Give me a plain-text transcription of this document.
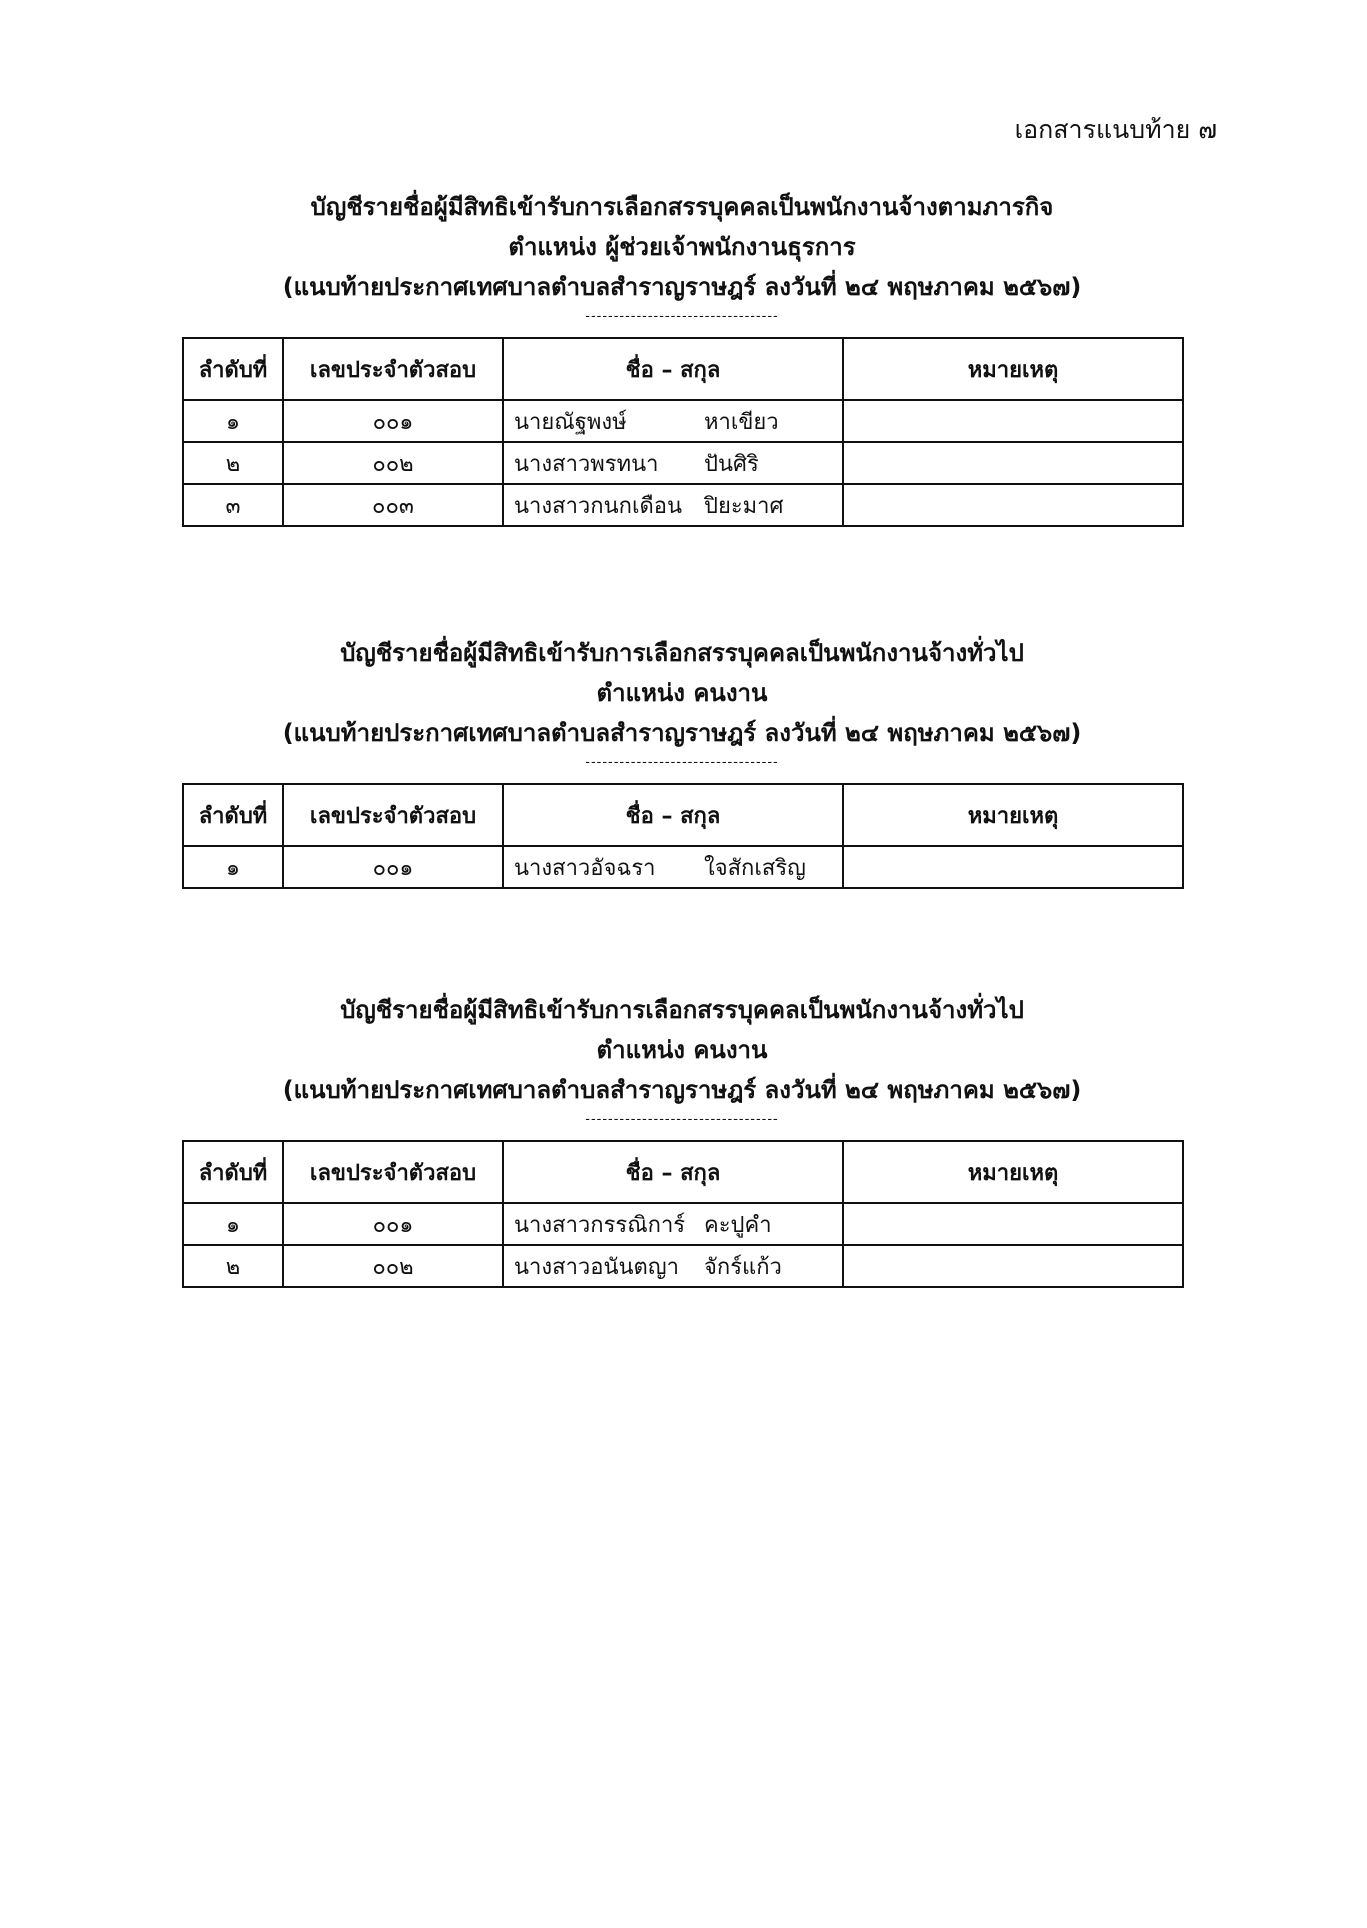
เอกสารแนบท้าย ๗
บัญชีรายชื่อผู้มีสิทธิเข้ารับการเลือกสรรบุคคลเป็นพนักงานจ้างตามภารกิจ
ตำแหน่ง ผู้ช่วยเจ้าพนักงานธุรการ
(แนบท้ายประกาศเทศบาลตำบลสำราญราษฎร์ ลงวันที่ ๒๔ พฤษภาคม ๒๕๖๗)
----------------------------------
ลำดับที่	เลขประจำตัวสอบ	ชื่อ – สกุล	หมายเหตุ
๑	๐๐๑	นายณัฐพงษ์ หาเขียว	
๒	๐๐๒	นางสาวพรทนา ปันศิริ	
๓	๐๐๓	นางสาวกนกเดือน ปิยะมาศ	
บัญชีรายชื่อผู้มีสิทธิเข้ารับการเลือกสรรบุคคลเป็นพนักงานจ้างทั่วไป
ตำแหน่ง คนงาน
(แนบท้ายประกาศเทศบาลตำบลสำราญราษฎร์ ลงวันที่ ๒๔ พฤษภาคม ๒๕๖๗)
----------------------------------
ลำดับที่	เลขประจำตัวสอบ	ชื่อ – สกุล	หมายเหตุ
๑	๐๐๑	นางสาวอัจฉรา ใจสักเสริญ	
บัญชีรายชื่อผู้มีสิทธิเข้ารับการเลือกสรรบุคคลเป็นพนักงานจ้างทั่วไป
ตำแหน่ง คนงาน
(แนบท้ายประกาศเทศบาลตำบลสำราญราษฎร์ ลงวันที่ ๒๔ พฤษภาคม ๒๕๖๗)
----------------------------------
ลำดับที่	เลขประจำตัวสอบ	ชื่อ – สกุล	หมายเหตุ
๑	๐๐๑	นางสาวกรรณิการ์ คะปูคำ	
๒	๐๐๒	นางสาวอนันตญา จักร์แก้ว	
